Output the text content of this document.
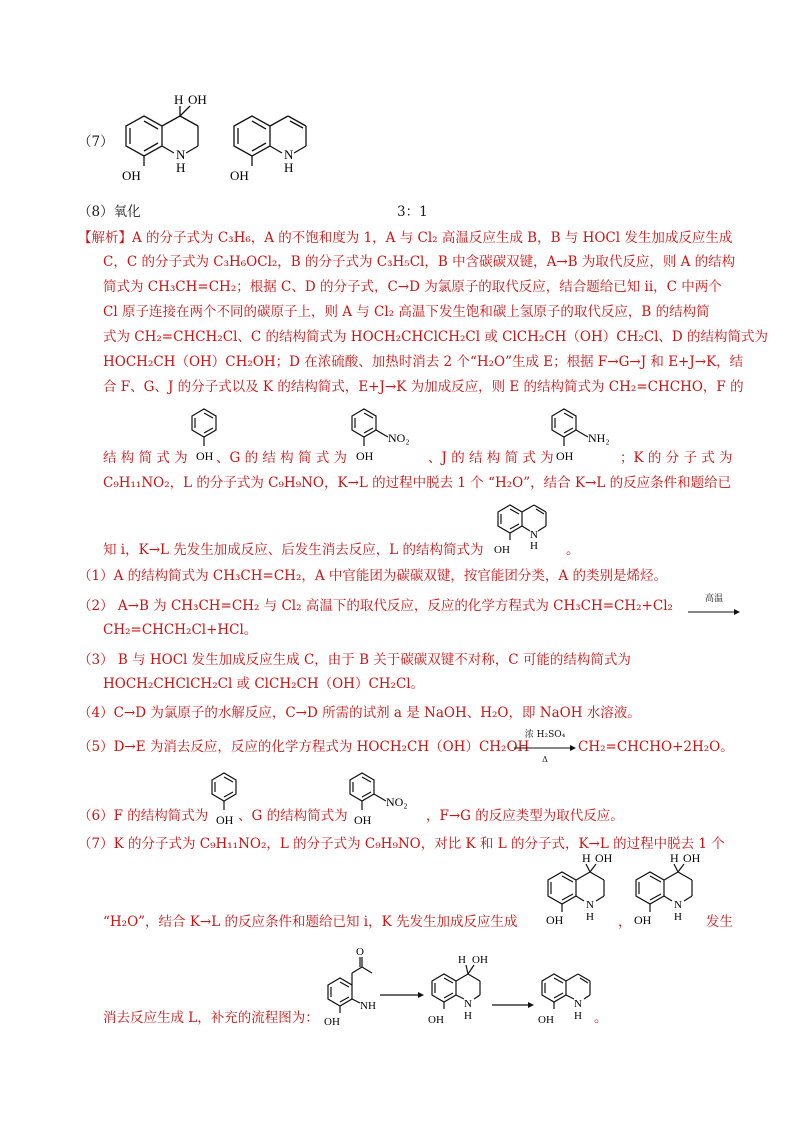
（7）
H OH
N
H
OH
N
H
OH
（8）氧化	3：1
【解析】A 的分子式为 C₃H₆，A 的不饱和度为 1，A 与 Cl₂ 高温反应生成 B，B 与 HOCl 发生加成反应生成
C，C 的分子式为 C₃H₆OCl₂，B 的分子式为 C₃H₅Cl，B 中含碳碳双键，A→B 为取代反应，则 A 的结构
简式为 CH₃CH=CH₂；根据 C、D 的分子式，C→D 为氯原子的取代反应，结合题给已知 ii，C 中两个
Cl 原子连接在两个不同的碳原子上，则 A 与 Cl₂ 高温下发生饱和碳上氢原子的取代反应，B 的结构简
式为 CH₂=CHCH₂Cl、C 的结构简式为 HOCH₂CHClCH₂Cl 或 ClCH₂CH（OH）CH₂Cl、D 的结构简式为
HOCH₂CH（OH）CH₂OH；D 在浓硫酸、加热时消去 2 个“H₂O”生成 E；根据 F→G→J 和 E+J→K，结
合 F、G、J 的分子式以及 K 的结构简式，E+J→K 为加成反应，则 E 的结构简式为 CH₂=CHCHO，F 的
结 构 简 式 为 OH 、G 的 结 构 简 式 为 OH
NO₂
、J 的 结 构 简 式 为 OH
NH₂
；K 的 分 子 式 为
C₉H₁₁NO₂，L 的分子式为 C₉H₉NO，K→L 的过程中脱去 1 个 “H₂O”，结合 K→L 的反应条件和题给已
知 i，K→L 先发生加成反应、后发生消去反应，L 的结构简式为
N
H
OH	。
（1）A 的结构简式为 CH₃CH=CH₂，A 中官能团为碳碳双键，按官能团分类，A 的类别是烯烃。
（2） A→B 为 CH₃CH=CH₂ 与 Cl₂ 高温下的取代反应，反应的化学方程式为 CH₃CH=CH₂+Cl₂	高温
CH₂=CHCH₂Cl+HCl。
（3） B 与 HOCl 发生加成反应生成 C，由于 B 关于碳碳双键不对称，C 可能的结构简式为
HOCH₂CHClCH₂Cl 或 ClCH₂CH（OH）CH₂Cl。
（4）C→D 为氯原子的水解反应，C→D 所需的试剂 a 是 NaOH、H₂O，即 NaOH 水溶液。
（5）D→E 为消去反应，反应的化学方程式为 HOCH₂CH（OH）CH₂OH
浓 H₂SO₄
Δ
CH₂=CHCHO+2H₂O。
OH	OH
NO₂
（6）F 的结构简式为 、G 的结构简式为	，F→G 的反应类型为取代反应。
（7）K 的分子式为 C₉H₁₁NO₂，L 的分子式为 C₉H₉NO，对比 K 和 L 的分子式，K→L 的过程中脱去 1 个
H OH
N
H
OH
H OH
N
H
OH
“H₂O”，结合 K→L 的反应条件和题给已知 i，K 先发生加成反应生成	，	发生
O
N H
OH
H OH
N
H
OH
N
H
OH
消去反应生成 L，补充的流程图为：	。
